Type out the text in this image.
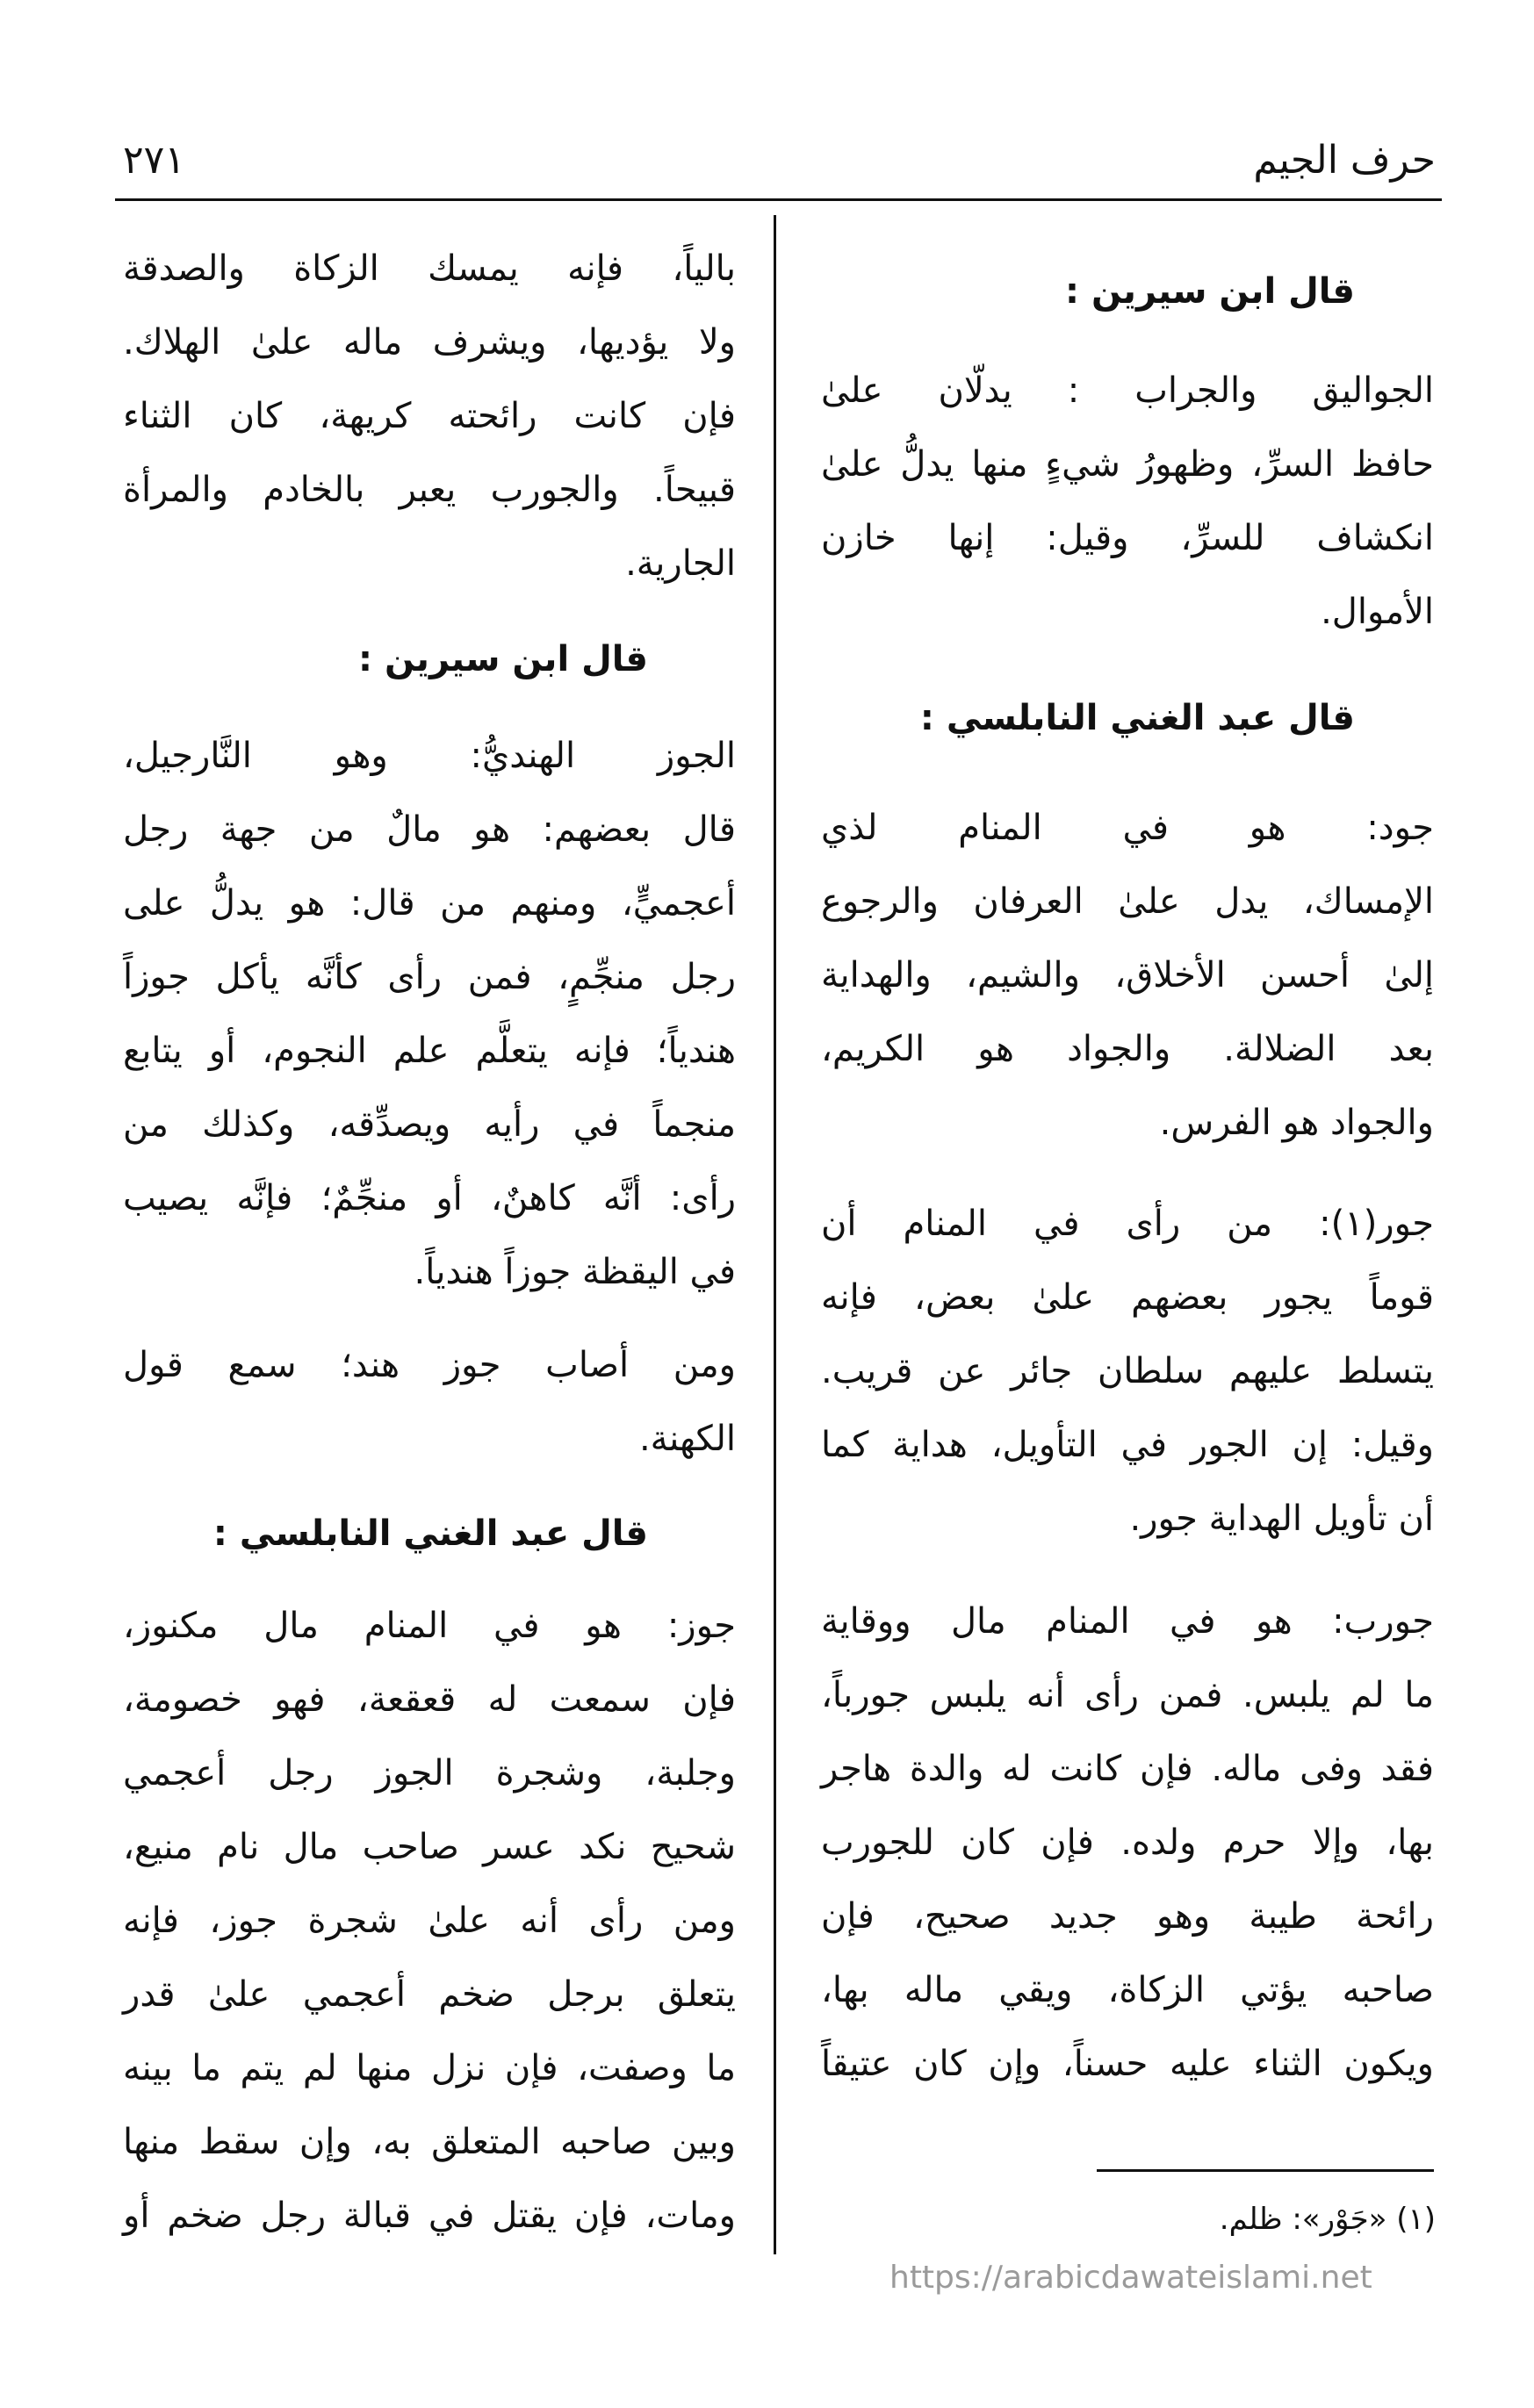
حرف الجيم
٢٧١
قال ابن سيرين :
الجواليق والجراب : يدلّان علىٰ
حافظ السرِّ، وظهورُ شيءٍ منها يدلُّ علىٰ
انكشاف للسرِّ، وقيل: إنها خازن
الأموال.
قال عبد الغني النابلسي :
جود: هو في المنام لذي
الإمساك، يدل علىٰ العرفان والرجوع
إلىٰ أحسن الأخلاق، والشيم، والهداية
بعد الضلالة. والجواد هو الكريم،
والجواد هو الفرس.
جور(١): من رأى في المنام أن
قوماً يجور بعضهم علىٰ بعض، فإنه
يتسلط عليهم سلطان جائر عن قريب.
وقيل: إن الجور في التأويل، هداية كما
أن تأويل الهداية جور.
جورب: هو في المنام مال ووقاية
ما لم يلبس. فمن رأى أنه يلبس جورباً،
فقد وفى ماله. فإن كانت له والدة هاجر
بها، وإلا حرم ولده. فإن كان للجورب
رائحة طيبة وهو جديد صحيح، فإن
صاحبه يؤتي الزكاة، ويقي ماله بها،
ويكون الثناء عليه حسناً، وإن كان عتيقاً
بالياً، فإنه يمسك الزكاة والصدقة
ولا يؤديها، ويشرف ماله علىٰ الهلاك.
فإن كانت رائحته كريهة، كان الثناء
قبيحاً. والجورب يعبر بالخادم والمرأة
الجارية.
قال ابن سيرين :
الجوز الهنديُّ: وهو النَّارجيل،
قال بعضهم: هو مالٌ من جهة رجل
أعجميٍّ، ومنهم من قال: هو يدلُّ على
رجل منجِّمٍ، فمن رأى كأنَّه يأكل جوزاً
هندياً؛ فإنه يتعلَّم علم النجوم، أو يتابع
منجماً في رأيه ويصدِّقه، وكذلك من
رأى: أنَّه كاهنٌ، أو منجِّمٌ؛ فإنَّه يصيب
في اليقظة جوزاً هندياً.
ومن أصاب جوز هند؛ سمع قول
الكهنة.
قال عبد الغني النابلسي :
جوز: هو في المنام مال مكنوز،
فإن سمعت له قعقعة، فهو خصومة،
وجلبة، وشجرة الجوز رجل أعجمي
شحيح نكد عسر صاحب مال نام منيع،
ومن رأى أنه علىٰ شجرة جوز، فإنه
يتعلق برجل ضخم أعجمي علىٰ قدر
ما وصفت، فإن نزل منها لم يتم ما بينه
وبين صاحبه المتعلق به، وإن سقط منها
ومات، فإن يقتل في قبالة رجل ضخم أو	(١) «جَوْر»: ظلم.
https://arabicdawateislami.net
